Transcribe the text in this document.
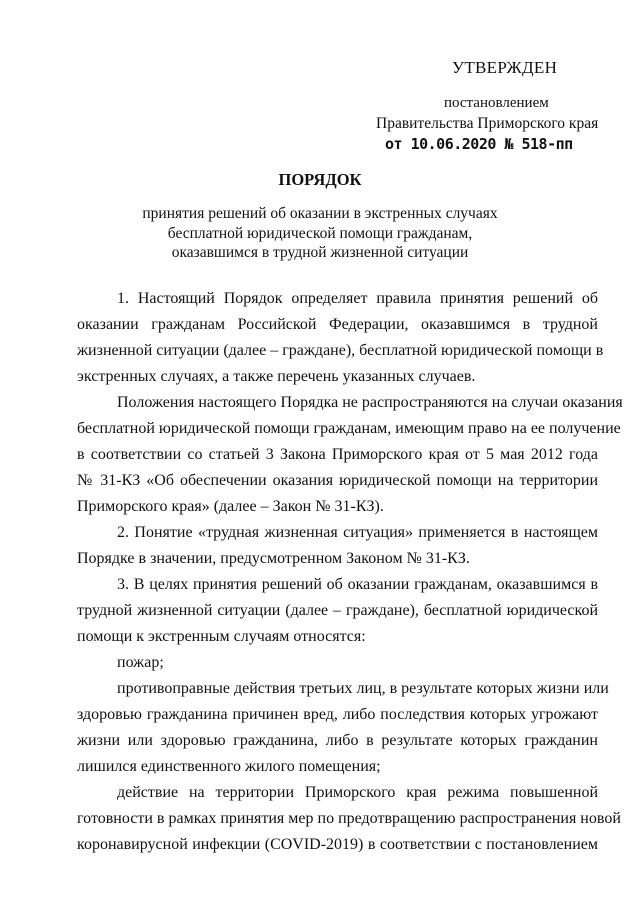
УТВЕРЖДЕН
постановлением
Правительства Приморского края
от 10.06.2020 № 518-пп
ПОРЯДОК
принятия решений об оказании в экстренных случаях
бесплатной юридической помощи гражданам,
оказавшимся в трудной жизненной ситуации
1. Настоящий Порядок определяет правила принятия решений об
оказании гражданам Российской Федерации, оказавшимся в трудной
жизненной ситуации (далее – граждане), бесплатной юридической помощи в
экстренных случаях, а также перечень указанных случаев.
Положения настоящего Порядка не распространяются на случаи оказания
бесплатной юридической помощи гражданам, имеющим право на ее получение
в соответствии со статьей 3 Закона Приморского края от 5 мая 2012 года
№ 31-КЗ «Об обеспечении оказания юридической помощи на территории
Приморского края» (далее – Закон № 31-КЗ).
2. Понятие «трудная жизненная ситуация» применяется в настоящем
Порядке в значении, предусмотренном Законом № 31-КЗ.
3. В целях принятия решений об оказании гражданам, оказавшимся в
трудной жизненной ситуации (далее – граждане), бесплатной юридической
помощи к экстренным случаям относятся:
пожар;
противоправные действия третьих лиц, в результате которых жизни или
здоровью гражданина причинен вред, либо последствия которых угрожают
жизни или здоровью гражданина, либо в результате которых гражданин
лишился единственного жилого помещения;
действие на территории Приморского края режима повышенной
готовности в рамках принятия мер по предотвращению распространения новой
коронавирусной инфекции (COVID-2019) в соответствии с постановлением
